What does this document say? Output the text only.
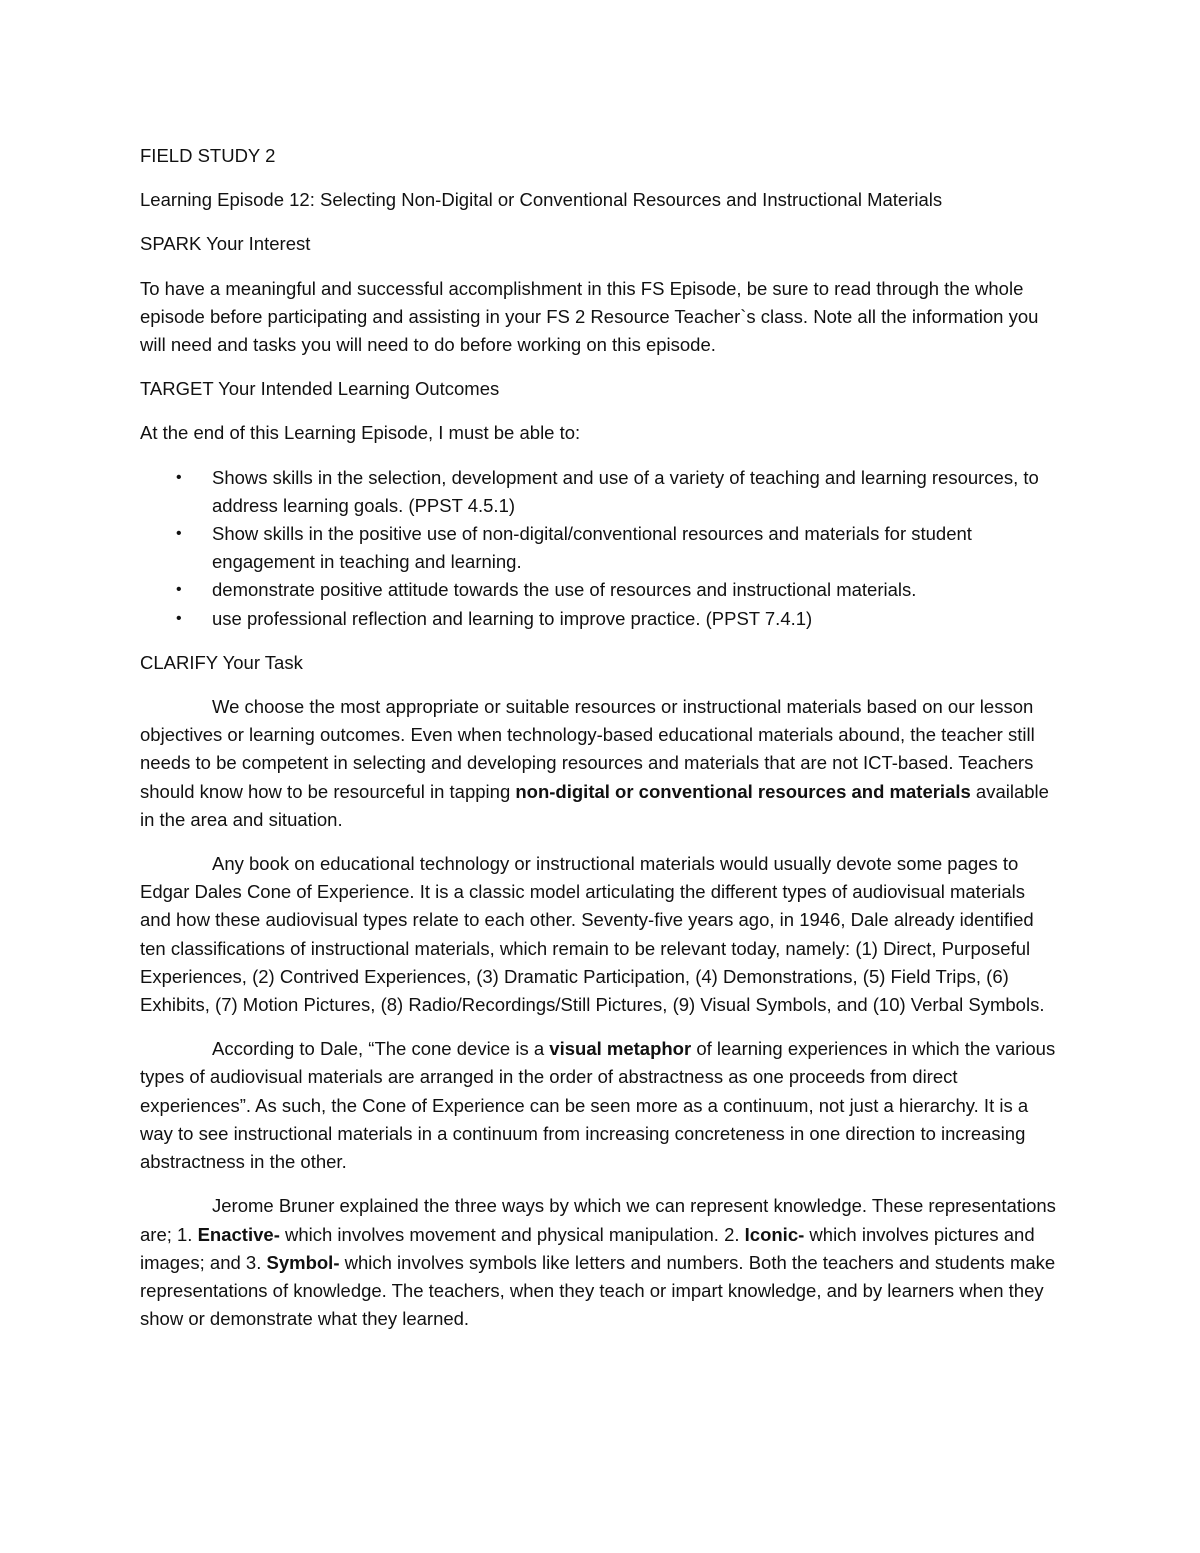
FIELD STUDY 2

Learning Episode 12: Selecting Non-Digital or Conventional Resources and Instructional Materials

SPARK Your Interest

To have a meaningful and successful accomplishment in this FS Episode, be sure to read through the whole episode before participating and assisting in your FS 2 Resource Teacher`s class. Note all the information you will need and tasks you will need to do before working on this episode.

TARGET Your Intended Learning Outcomes

At the end of this Learning Episode, I must be able to:

• Shows skills in the selection, development and use of a variety of teaching and learning resources, to address learning goals. (PPST 4.5.1)
• Show skills in the positive use of non-digital/conventional resources and materials for student engagement in teaching and learning.
• demonstrate positive attitude towards the use of resources and instructional materials.
• use professional reflection and learning to improve practice. (PPST 7.4.1)

CLARIFY Your Task

We choose the most appropriate or suitable resources or instructional materials based on our lesson objectives or learning outcomes. Even when technology-based educational materials abound, the teacher still needs to be competent in selecting and developing resources and materials that are not ICT-based. Teachers should know how to be resourceful in tapping non-digital or conventional resources and materials available in the area and situation.

Any book on educational technology or instructional materials would usually devote some pages to Edgar Dales Cone of Experience. It is a classic model articulating the different types of audiovisual materials and how these audiovisual types relate to each other. Seventy-five years ago, in 1946, Dale already identified ten classifications of instructional materials, which remain to be relevant today, namely: (1) Direct, Purposeful Experiences, (2) Contrived Experiences, (3) Dramatic Participation, (4) Demonstrations, (5) Field Trips, (6) Exhibits, (7) Motion Pictures, (8) Radio/Recordings/Still Pictures, (9) Visual Symbols, and (10) Verbal Symbols.

According to Dale, “The cone device is a visual metaphor of learning experiences in which the various types of audiovisual materials are arranged in the order of abstractness as one proceeds from direct experiences”. As such, the Cone of Experience can be seen more as a continuum, not just a hierarchy. It is a way to see instructional materials in a continuum from increasing concreteness in one direction to increasing abstractness in the other.

Jerome Bruner explained the three ways by which we can represent knowledge. These representations are; 1. Enactive- which involves movement and physical manipulation. 2. Iconic- which involves pictures and images; and 3. Symbol- which involves symbols like letters and numbers. Both the teachers and students make representations of knowledge. The teachers, when they teach or impart knowledge, and by learners when they show or demonstrate what they learned.
